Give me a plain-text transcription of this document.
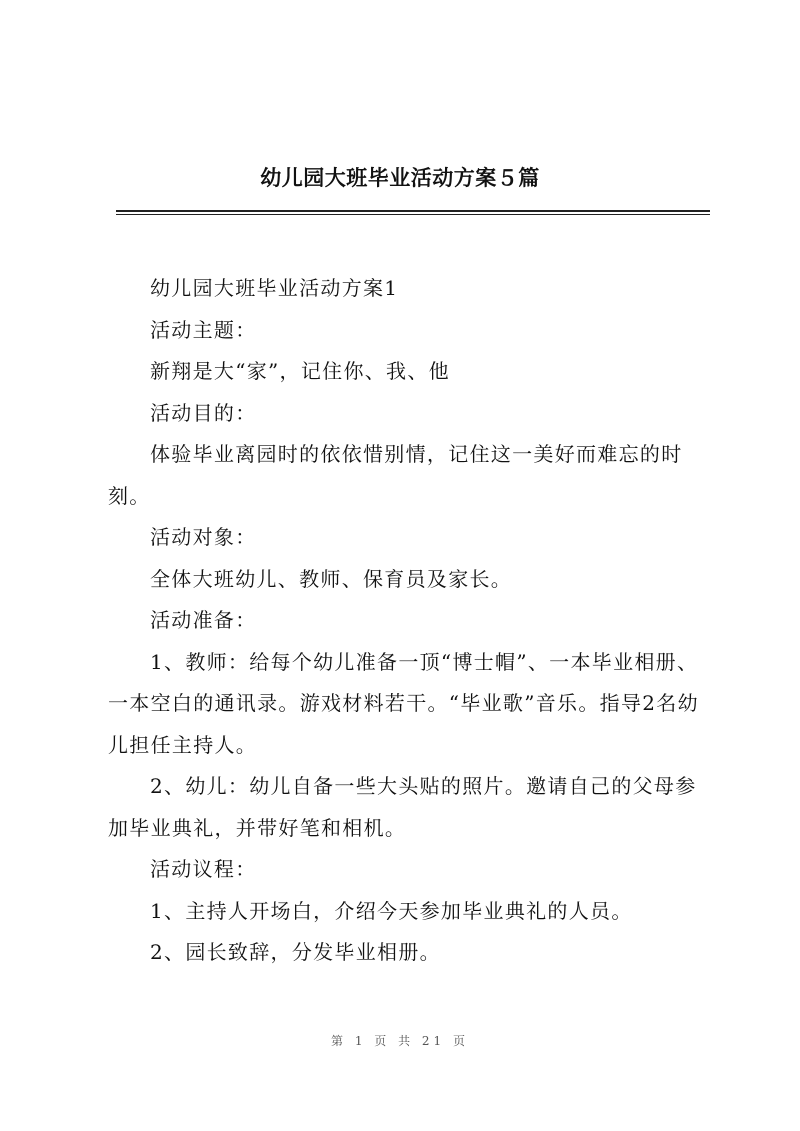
幼儿园大班毕业活动方案５篇

幼儿园大班毕业活动方案1

活动主题：

新翔是大“家”，记住你、我、他

活动目的：

体验毕业离园时的依依惜别情，记住这一美好而难忘的时刻。

活动对象：

全体大班幼儿、教师、保育员及家长。

活动准备：

1、教师：给每个幼儿准备一顶“博士帽”、一本毕业相册、一本空白的通讯录。游戏材料若干。“毕业歌”音乐。指导2名幼儿担任主持人。

2、幼儿：幼儿自备一些大头贴的照片。邀请自己的父母参加毕业典礼，并带好笔和相机。

活动议程：

1、主持人开场白，介绍今天参加毕业典礼的人员。

2、园长致辞，分发毕业相册。

第 1 页 共 21 页
